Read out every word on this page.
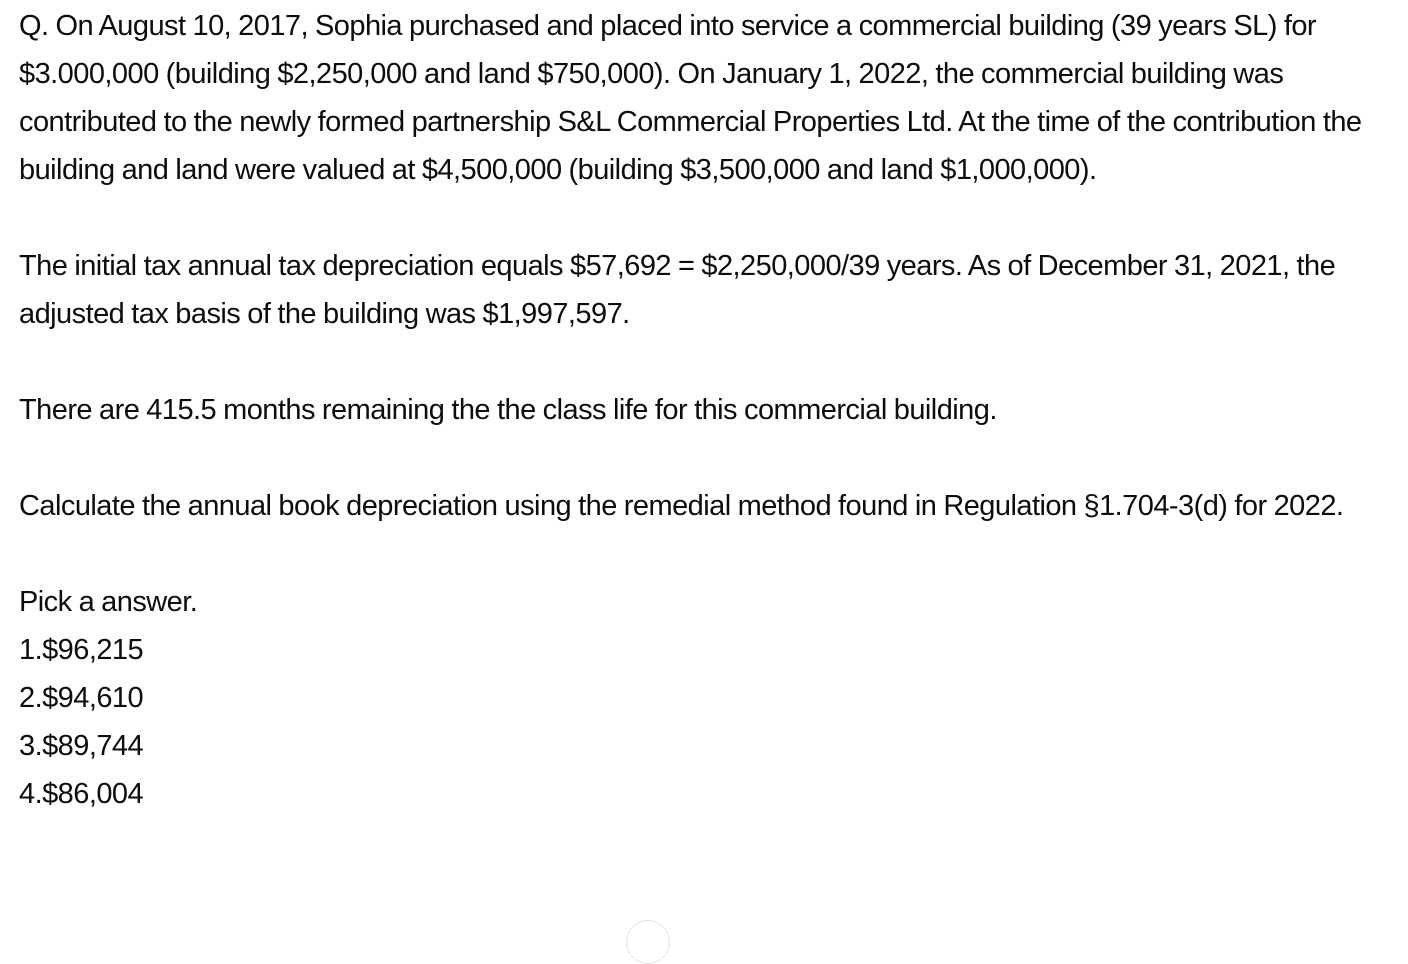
Q. On August 10, 2017, Sophia purchased and placed into service a commercial building (39 years SL) for $3.000,000 (building $2,250,000 and land $750,000). On January 1, 2022, the commercial building was contributed to the newly formed partnership S&L Commercial Properties Ltd. At the time of the contribution the building and land were valued at $4,500,000 (building $3,500,000 and land $1,000,000).

The initial tax annual tax depreciation equals $57,692 = $2,250,000/39 years. As of December 31, 2021, the adjusted tax basis of the building was $1,997,597.

There are 415.5 months remaining the the class life for this commercial building.

Calculate the annual book depreciation using the remedial method found in Regulation §1.704-3(d) for 2022.

Pick a answer.

1.$96,215

2.$94,610

3.$89,744

4.$86,004
